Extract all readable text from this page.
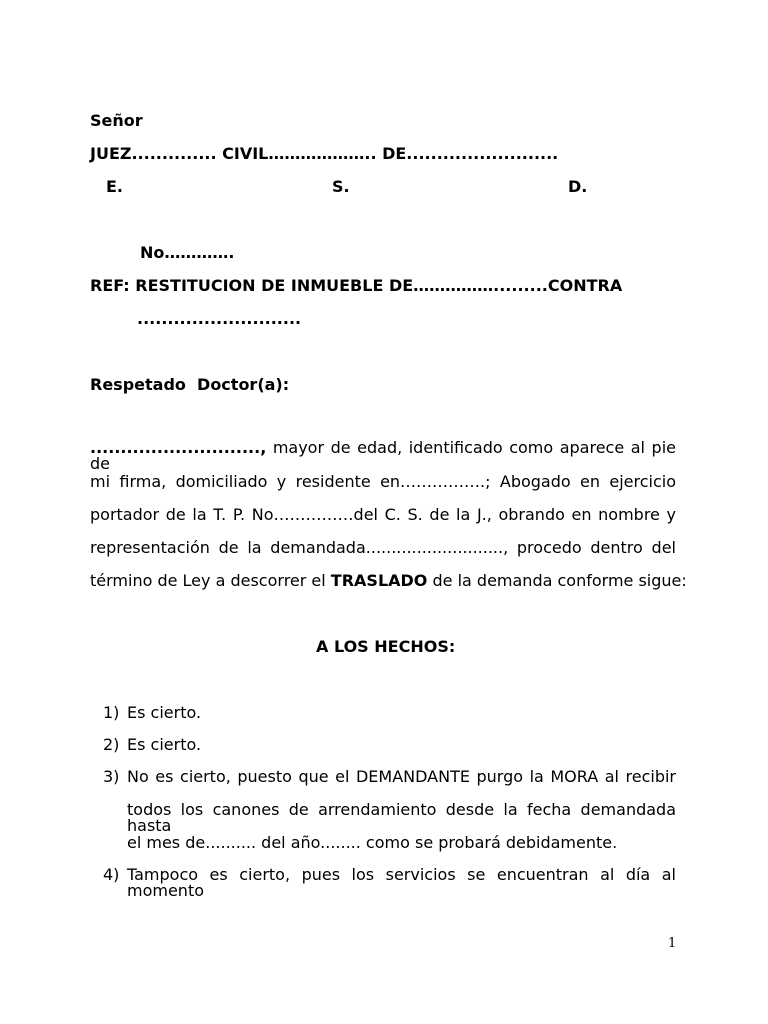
Señor
JUEZ.............. CIVIL……………….. DE.........................
E.	S.	D.
No………….
REF: RESTITUCION DE INMUEBLE DE…………….........CONTRA
...........................
Respetado  Doctor(a):
............................, mayor de edad, identificado como aparece al pie de
mi firma, domiciliado y residente en…………….; Abogado en ejercicio
portador de la T. P. No……………del C. S. de la J., obrando en nombre y
representación de la demandada..........................., procedo dentro del
término de Ley a descorrer el TRASLADO de la demanda conforme sigue:
A LOS HECHOS:
1) Es cierto.
2) Es cierto.
3) No es cierto, puesto que el DEMANDANTE purgo la MORA al recibir
todos los canones de arrendamiento desde la fecha demandada hasta
el mes de.......... del año........ como se probará debidamente.
4) Tampoco es cierto, pues los servicios se encuentran al día al momento
1
